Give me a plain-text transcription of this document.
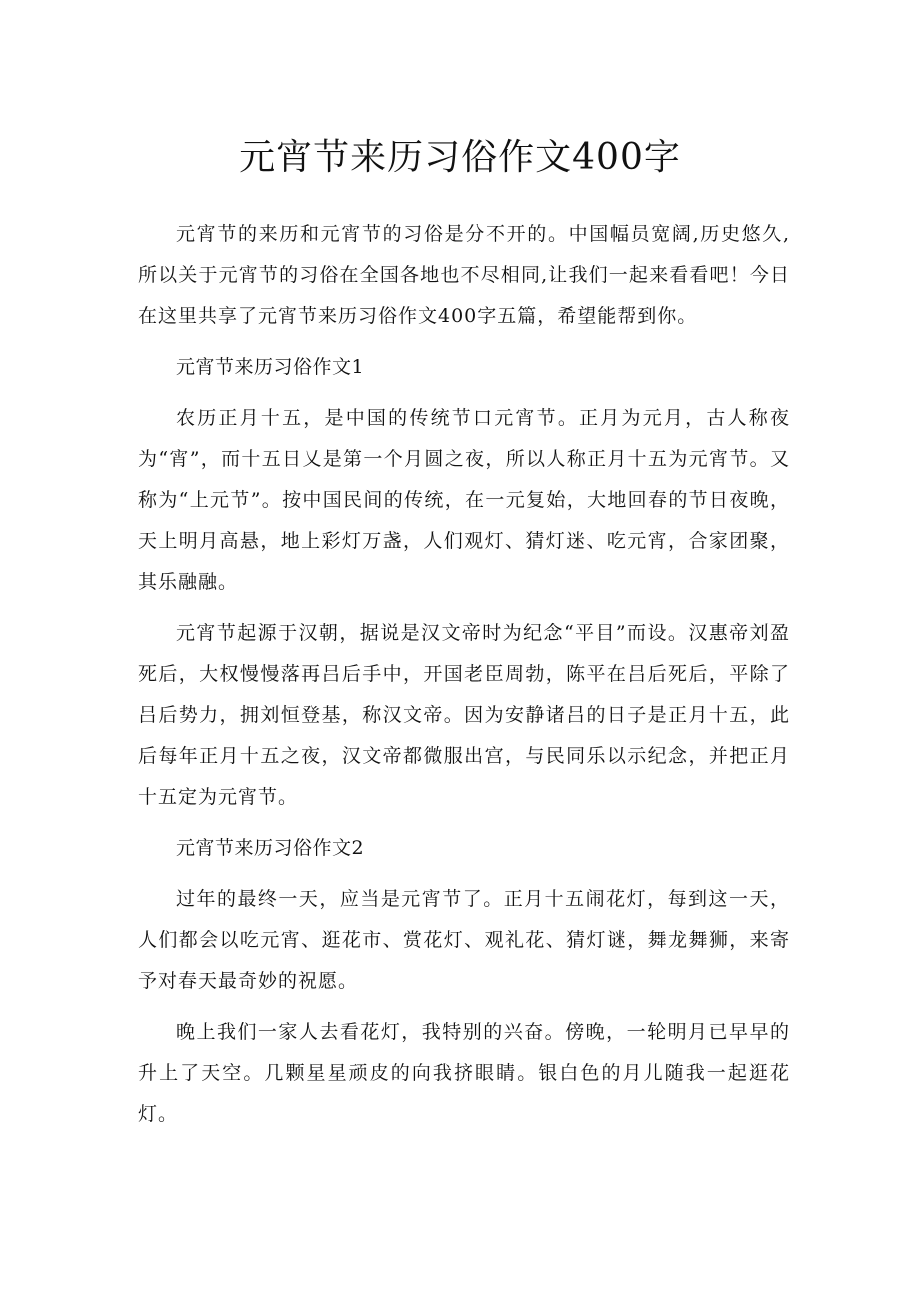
元宵节来历习俗作文400字

元宵节的来历和元宵节的习俗是分不开的。中国幅员宽阔,历史悠久,所以关于元宵节的习俗在全国各地也不尽相同,让我们一起来看看吧！今日在这里共享了元宵节来历习俗作文400字五篇，希望能帮到你。

元宵节来历习俗作文1

农历正月十五，是中国的传统节口元宵节。正月为元月，古人称夜为“宵”，而十五日乂是第一个月圆之夜，所以人称正月十五为元宵节。又称为“上元节”。按中国民间的传统，在一元复始，大地回春的节日夜晚，天上明月高悬，地上彩灯万盏，人们观灯、猜灯迷、吃元宵，合家团聚，其乐融融。

元宵节起源于汉朝，据说是汉文帝时为纪念“平目”而设。汉惠帝刘盈死后，大权慢慢落再吕后手中，开国老臣周勃，陈平在吕后死后，平除了吕后势力，拥刘恒登基，称汉文帝。因为安静诸吕的日子是正月十五，此后每年正月十五之夜，汉文帝都微服出宫，与民同乐以示纪念，并把正月十五定为元宵节。

元宵节来历习俗作文2

过年的最终一天，应当是元宵节了。正月十五闹花灯，每到这一天，人们都会以吃元宵、逛花市、赏花灯、观礼花、猜灯谜，舞龙舞狮，来寄予对春天最奇妙的祝愿。

晚上我们一家人去看花灯，我特别的兴奋。傍晚，一轮明月已早早的升上了天空。几颗星星顽皮的向我挤眼睛。银白色的月儿随我一起逛花灯。
